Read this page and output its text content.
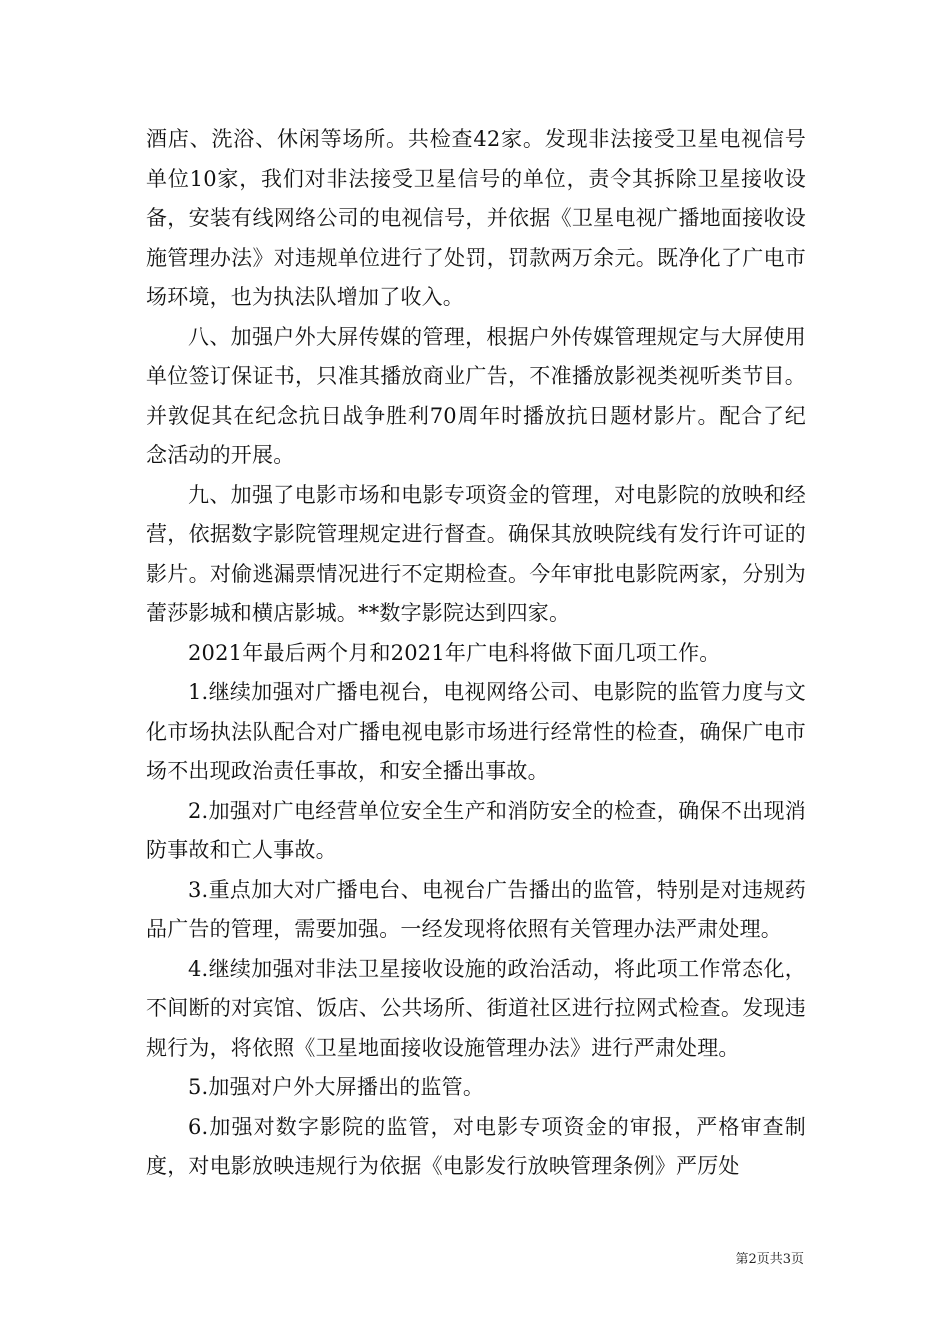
酒店、洗浴、休闲等场所。共检查42家。发现非法接受卫星电视信号单位10家，我们对非法接受卫星信号的单位，责令其拆除卫星接收设备，安装有线网络公司的电视信号，并依据《卫星电视广播地面接收设施管理办法》对违规单位进行了处罚，罚款两万余元。既净化了广电市场环境，也为执法队增加了收入。

八、加强户外大屏传媒的管理，根据户外传媒管理规定与大屏使用单位签订保证书，只准其播放商业广告，不准播放影视类视听类节目。并敦促其在纪念抗日战争胜利70周年时播放抗日题材影片。配合了纪念活动的开展。

九、加强了电影市场和电影专项资金的管理，对电影院的放映和经营，依据数字影院管理规定进行督查。确保其放映院线有发行许可证的影片。对偷逃漏票情况进行不定期检查。今年审批电影院两家，分别为蕾莎影城和横店影城。**数字影院达到四家。

2021年最后两个月和2021年广电科将做下面几项工作。

1.继续加强对广播电视台，电视网络公司、电影院的监管力度与文化市场执法队配合对广播电视电影市场进行经常性的检查，确保广电市场不出现政治责任事故，和安全播出事故。

2.加强对广电经营单位安全生产和消防安全的检查，确保不出现消防事故和亡人事故。

3.重点加大对广播电台、电视台广告播出的监管，特别是对违规药品广告的管理，需要加强。一经发现将依照有关管理办法严肃处理。

4.继续加强对非法卫星接收设施的政治活动，将此项工作常态化，不间断的对宾馆、饭店、公共场所、街道社区进行拉网式检查。发现违规行为，将依照《卫星地面接收设施管理办法》进行严肃处理。

5.加强对户外大屏播出的监管。

6.加强对数字影院的监管，对电影专项资金的审报，严格审查制度，对电影放映违规行为依据《电影发行放映管理条例》严厉处

第2页共3页
